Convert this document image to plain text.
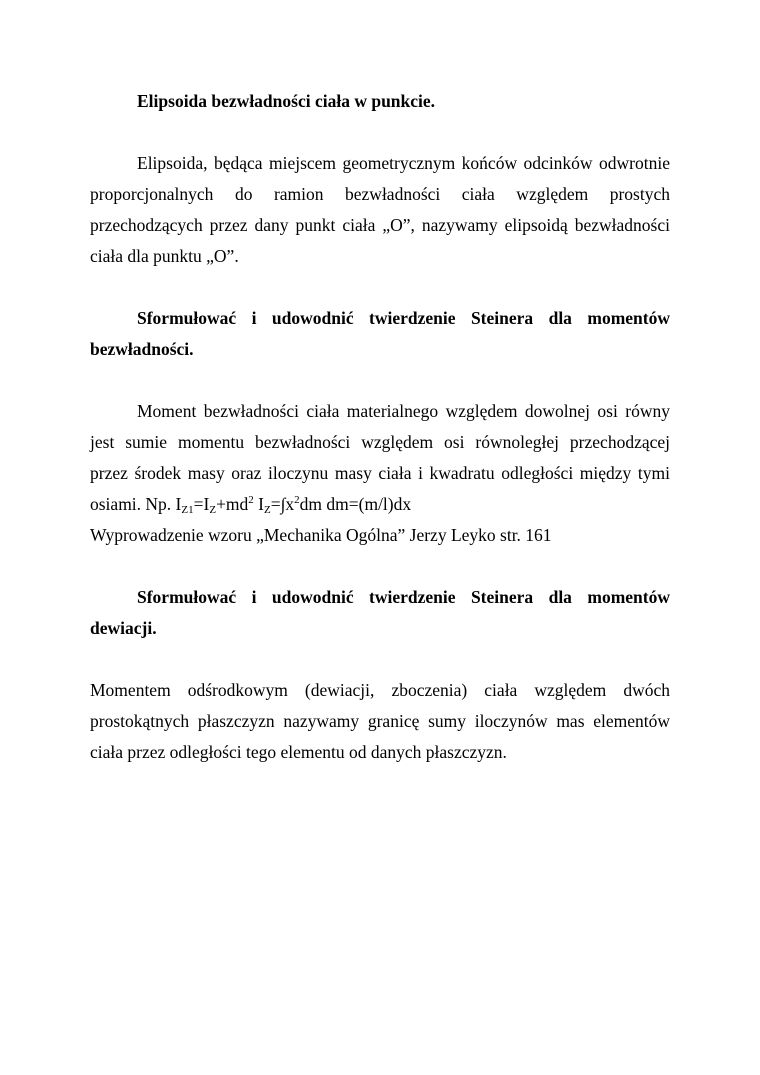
Elipsoida bezwładności ciała w punkcie.
Elipsoida, będąca miejscem geometrycznym końców odcinków odwrotnie
proporcjonalnych do ramion bezwładności ciała względem prostych
przechodzących przez dany punkt ciała „O”, nazywamy elipsoidą bezwładności
ciała dla punktu „O”.
Sformułować i udowodnić twierdzenie Steinera dla momentów
bezwładności.
Moment bezwładności ciała materialnego względem dowolnej osi równy
jest sumie momentu bezwładności względem osi równoległej przechodzącej
przez środek masy oraz iloczynu masy ciała i kwadratu odległości między tymi
osiami. Np. $I_{Z1}=I_Z+md^2$ $I_Z=\int x^2dm$ dm=(m/l)dx
Wyprowadzenie wzoru „Mechanika Ogólna” Jerzy Leyko str. 161
Sformułować i udowodnić twierdzenie Steinera dla momentów
dewiacji.
Momentem odśrodkowym (dewiacji, zboczenia) ciała względem dwóch
prostokątnych płaszczyzn nazywamy granicę sumy iloczynów mas elementów
ciała przez odległości tego elementu od danych płaszczyzn.
